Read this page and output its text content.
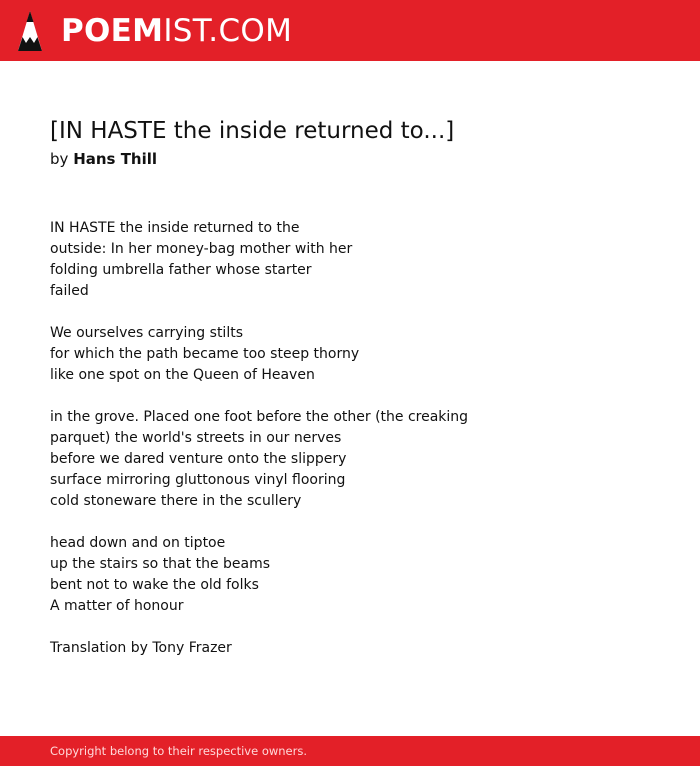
POEMIST.COM
[IN HASTE the inside returned to...]
by Hans Thill
IN HASTE the inside returned to the
outside: In her money-bag mother with her
folding umbrella father whose starter
failed
We ourselves carrying stilts
for which the path became too steep thorny
like one spot on the Queen of Heaven
in the grove. Placed one foot before the other (the creaking
parquet) the world's streets in our nerves
before we dared venture onto the slippery
surface mirroring gluttonous vinyl flooring
cold stoneware there in the scullery
head down and on tiptoe
up the stairs so that the beams
bent not to wake the old folks
A matter of honour
Translation by Tony Frazer
Copyright belong to their respective owners.
